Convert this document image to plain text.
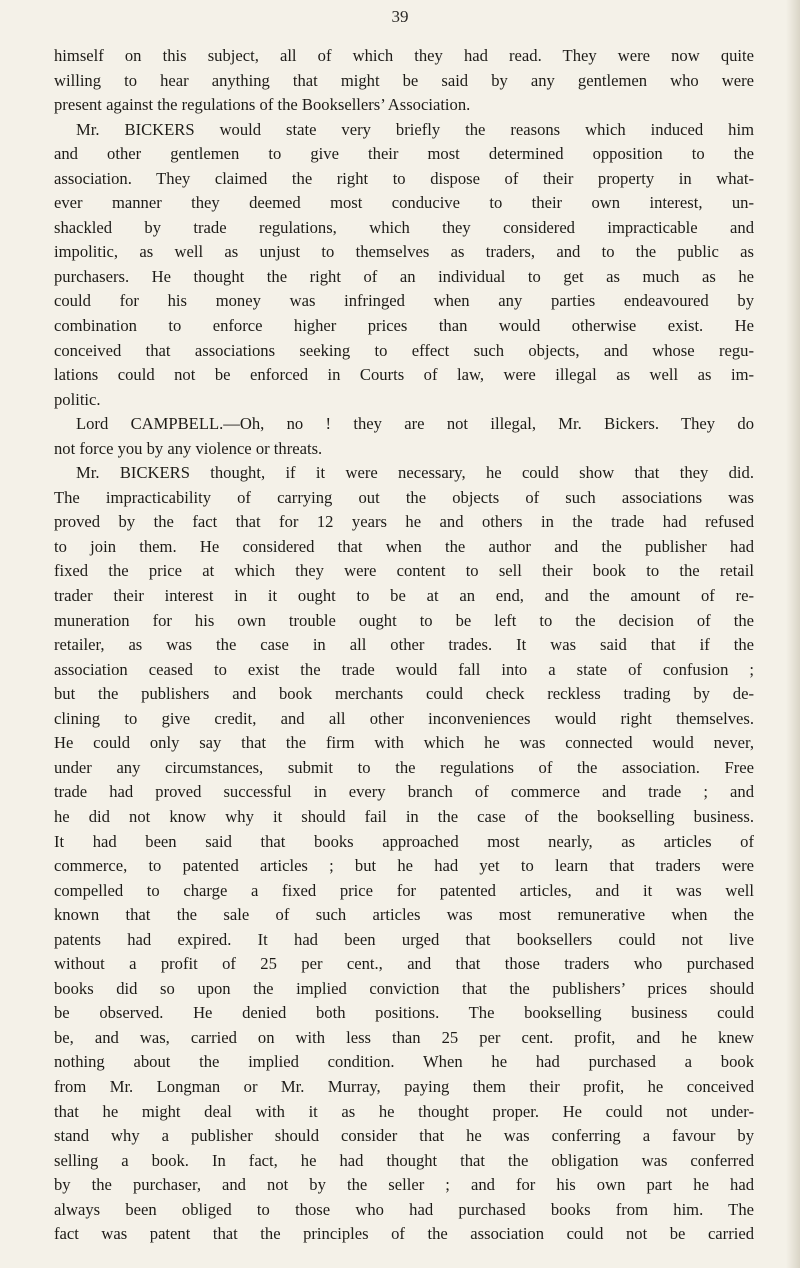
39
himself on this subject, all of which they had read. They were now quite
willing to hear anything that might be said by any gentlemen who were
present against the regulations of the Booksellers’ Association.
Mr. BICKERS would state very briefly the reasons which induced him
and other gentlemen to give their most determined opposition to the
association. They claimed the right to dispose of their property in what-
ever manner they deemed most conducive to their own interest, un-
shackled by trade regulations, which they considered impracticable and
impolitic, as well as unjust to themselves as traders, and to the public as
purchasers. He thought the right of an individual to get as much as he
could for his money was infringed when any parties endeavoured by
combination to enforce higher prices than would otherwise exist. He
conceived that associations seeking to effect such objects, and whose regu-
lations could not be enforced in Courts of law, were illegal as well as im-
politic.
Lord CAMPBELL.—Oh, no ! they are not illegal, Mr. Bickers. They do
not force you by any violence or threats.
Mr. BICKERS thought, if it were necessary, he could show that they did.
The impracticability of carrying out the objects of such associations was
proved by the fact that for 12 years he and others in the trade had refused
to join them. He considered that when the author and the publisher had
fixed the price at which they were content to sell their book to the retail
trader their interest in it ought to be at an end, and the amount of re-
muneration for his own trouble ought to be left to the decision of the
retailer, as was the case in all other trades. It was said that if the
association ceased to exist the trade would fall into a state of confusion ;
but the publishers and book merchants could check reckless trading by de-
clining to give credit, and all other inconveniences would right themselves.
He could only say that the firm with which he was connected would never,
under any circumstances, submit to the regulations of the association. Free
trade had proved successful in every branch of commerce and trade ; and
he did not know why it should fail in the case of the bookselling business.
It had been said that books approached most nearly, as articles of
commerce, to patented articles ; but he had yet to learn that traders were
compelled to charge a fixed price for patented articles, and it was well
known that the sale of such articles was most remunerative when the
patents had expired. It had been urged that booksellers could not live
without a profit of 25 per cent., and that those traders who purchased
books did so upon the implied conviction that the publishers’ prices should
be observed. He denied both positions. The bookselling business could
be, and was, carried on with less than 25 per cent. profit, and he knew
nothing about the implied condition. When he had purchased a book
from Mr. Longman or Mr. Murray, paying them their profit, he conceived
that he might deal with it as he thought proper. He could not under-
stand why a publisher should consider that he was conferring a favour by
selling a book. In fact, he had thought that the obligation was conferred
by the purchaser, and not by the seller ; and for his own part he had
always been obliged to those who had purchased books from him. The
fact was patent that the principles of the association could not be carried
